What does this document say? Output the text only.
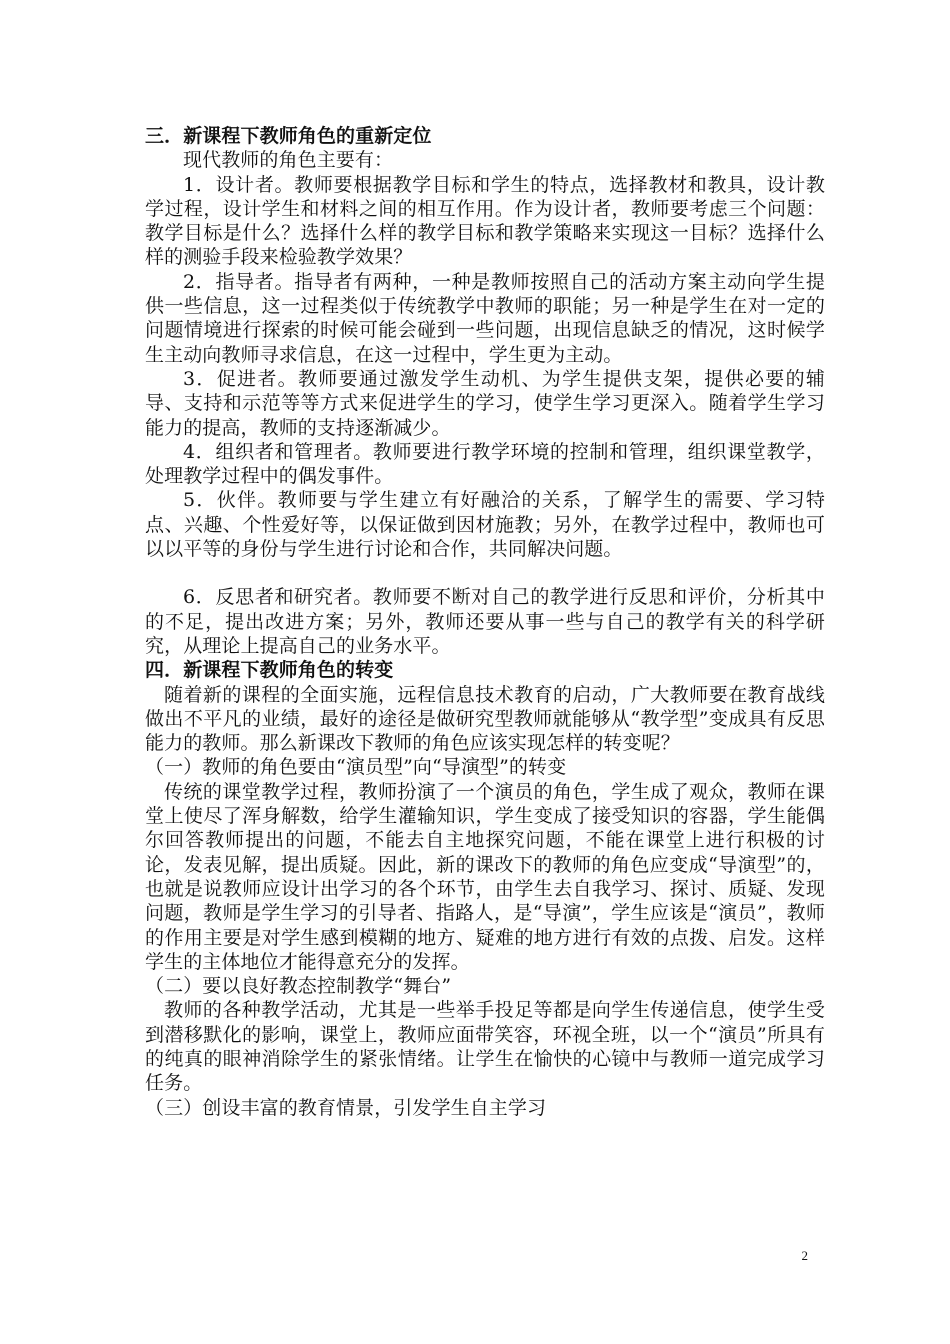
三．新课程下教师角色的重新定位

现代教师的角色主要有：

1．设计者。教师要根据教学目标和学生的特点，选择教材和教具，设计教学过程，设计学生和材料之间的相互作用。作为设计者，教师要考虑三个问题：教学目标是什么？选择什么样的教学目标和教学策略来实现这一目标？选择什么样的测验手段来检验教学效果？

2．指导者。指导者有两种，一种是教师按照自己的活动方案主动向学生提供一些信息，这一过程类似于传统教学中教师的职能；另一种是学生在对一定的问题情境进行探索的时候可能会碰到一些问题，出现信息缺乏的情况，这时候学生主动向教师寻求信息，在这一过程中，学生更为主动。

3．促进者。教师要通过激发学生动机、为学生提供支架，提供必要的辅导、支持和示范等等方式来促进学生的学习，使学生学习更深入。随着学生学习能力的提高，教师的支持逐渐减少。

4．组织者和管理者。教师要进行教学环境的控制和管理，组织课堂教学，处理教学过程中的偶发事件。

5．伙伴。教师要与学生建立有好融洽的关系，了解学生的需要、学习特点、兴趣、个性爱好等，以保证做到因材施教；另外，在教学过程中，教师也可以以平等的身份与学生进行讨论和合作，共同解决问题。

6．反思者和研究者。教师要不断对自己的教学进行反思和评价，分析其中的不足，提出改进方案；另外，教师还要从事一些与自己的教学有关的科学研究，从理论上提高自己的业务水平。

四．新课程下教师角色的转变

随着新的课程的全面实施，远程信息技术教育的启动，广大教师要在教育战线做出不平凡的业绩，最好的途径是做研究型教师就能够从“教学型”变成具有反思能力的教师。那么新课改下教师的角色应该实现怎样的转变呢？

（一）教师的角色要由“演员型”向“导演型”的转变

传统的课堂教学过程，教师扮演了一个演员的角色，学生成了观众，教师在课堂上使尽了浑身解数，给学生灌输知识，学生变成了接受知识的容器，学生能偶尔回答教师提出的问题，不能去自主地探究问题，不能在课堂上进行积极的讨论，发表见解，提出质疑。因此，新的课改下的教师的角色应变成“导演型”的，也就是说教师应设计出学习的各个环节，由学生去自我学习、探讨、质疑、发现问题，教师是学生学习的引导者、指路人，是“导演”，学生应该是“演员”，教师的作用主要是对学生感到模糊的地方、疑难的地方进行有效的点拨、启发。这样学生的主体地位才能得意充分的发挥。

（二）要以良好教态控制教学“舞台”

教师的各种教学活动，尤其是一些举手投足等都是向学生传递信息，使学生受到潜移默化的影响，课堂上，教师应面带笑容，环视全班，以一个“演员”所具有的纯真的眼神消除学生的紧张情绪。让学生在愉快的心镜中与教师一道完成学习任务。

（三）创设丰富的教育情景，引发学生自主学习

2
